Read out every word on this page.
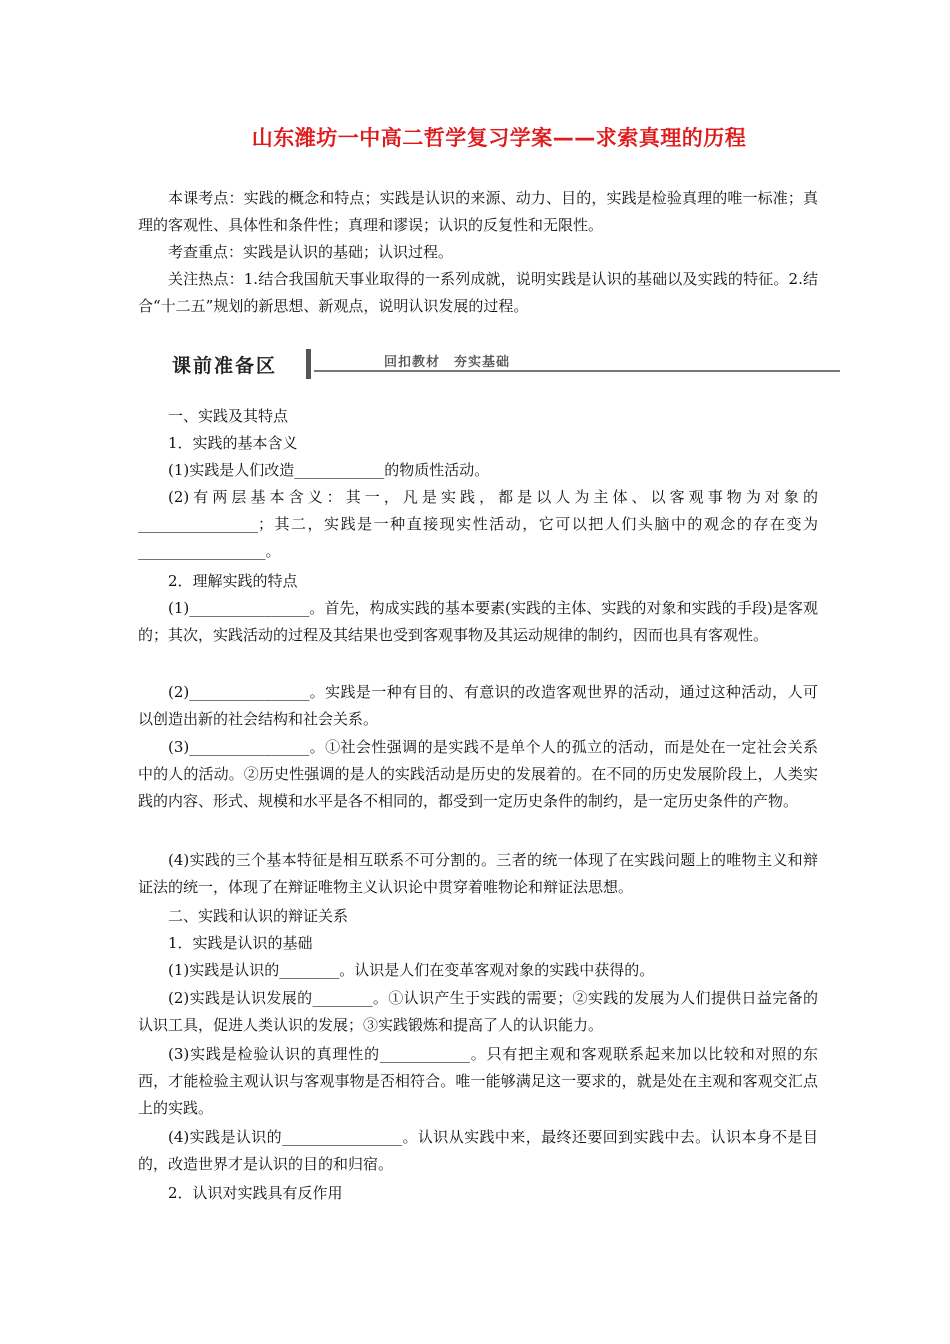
山东潍坊一中高二哲学复习学案——求索真理的历程
本课考点：实践的概念和特点；实践是认识的来源、动力、目的，实践是检验真理的唯一标准；真理的客观性、具体性和条件性；真理和谬误；认识的反复性和无限性。
考查重点：实践是认识的基础；认识过程。
关注热点：1.结合我国航天事业取得的一系列成就，说明实践是认识的基础以及实践的特征。2.结合“十二五”规划的新思想、新观点，说明认识发展的过程。
课前准备区	回扣教材　夯实基础
一、实践及其特点
1．实践的基本含义
(1)实践是人们改造____________的物质性活动。
(2)有两层基本含义：其一，凡是实践，都是以人为主体、以客观事物为对象的________________；其二，实践是一种直接现实性活动，它可以把人们头脑中的观念的存在变为_________________。
2．理解实践的特点
(1)________________。首先，构成实践的基本要素(实践的主体、实践的对象和实践的手段)是客观的；其次，实践活动的过程及其结果也受到客观事物及其运动规律的制约，因而也具有客观性。
(2)________________。实践是一种有目的、有意识的改造客观世界的活动，通过这种活动，人可以创造出新的社会结构和社会关系。
(3)________________。①社会性强调的是实践不是单个人的孤立的活动，而是处在一定社会关系中的人的活动。②历史性强调的是人的实践活动是历史的发展着的。在不同的历史发展阶段上，人类实践的内容、形式、规模和水平是各不相同的，都受到一定历史条件的制约，是一定历史条件的产物。
(4)实践的三个基本特征是相互联系不可分割的。三者的统一体现了在实践问题上的唯物主义和辩证法的统一，体现了在辩证唯物主义认识论中贯穿着唯物论和辩证法思想。
二、实践和认识的辩证关系
1．实践是认识的基础
(1)实践是认识的________。认识是人们在变革客观对象的实践中获得的。
(2)实践是认识发展的________。①认识产生于实践的需要；②实践的发展为人们提供日益完备的认识工具，促进人类认识的发展；③实践锻炼和提高了人的认识能力。
(3)实践是检验认识的真理性的____________。只有把主观和客观联系起来加以比较和对照的东西，才能检验主观认识与客观事物是否相符合。唯一能够满足这一要求的，就是处在主观和客观交汇点上的实践。
(4)实践是认识的________________。认识从实践中来，最终还要回到实践中去。认识本身不是目的，改造世界才是认识的目的和归宿。
2．认识对实践具有反作用
